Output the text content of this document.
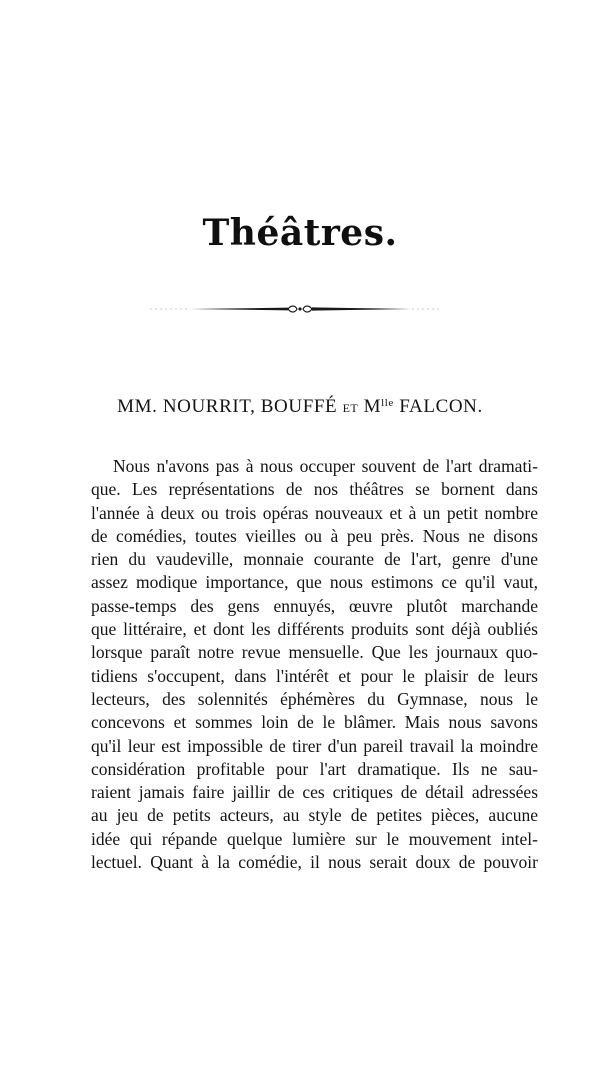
Théâtres.
MM. NOURRIT, BOUFFÉ ET $M^{lle}$ FALCON.
Nous n'avons pas à nous occuper souvent de l'art dramati-
que. Les représentations de nos théâtres se bornent dans
l'année à deux ou trois opéras nouveaux et à un petit nombre
de comédies, toutes vieilles ou à peu près. Nous ne disons
rien du vaudeville, monnaie courante de l'art, genre d'une
assez modique importance, que nous estimons ce qu'il vaut,
passe-temps des gens ennuyés, œuvre plutôt marchande
que littéraire, et dont les différents produits sont déjà oubliés
lorsque paraît notre revue mensuelle. Que les journaux quo-
tidiens s'occupent, dans l'intérêt et pour le plaisir de leurs
lecteurs, des solennités éphémères du Gymnase, nous le
concevons et sommes loin de le blâmer. Mais nous savons
qu'il leur est impossible de tirer d'un pareil travail la moindre
considération profitable pour l'art dramatique. Ils ne sau-
raient jamais faire jaillir de ces critiques de détail adressées
au jeu de petits acteurs, au style de petites pièces, aucune
idée qui répande quelque lumière sur le mouvement intel-
lectuel. Quant à la comédie, il nous serait doux de pouvoir
